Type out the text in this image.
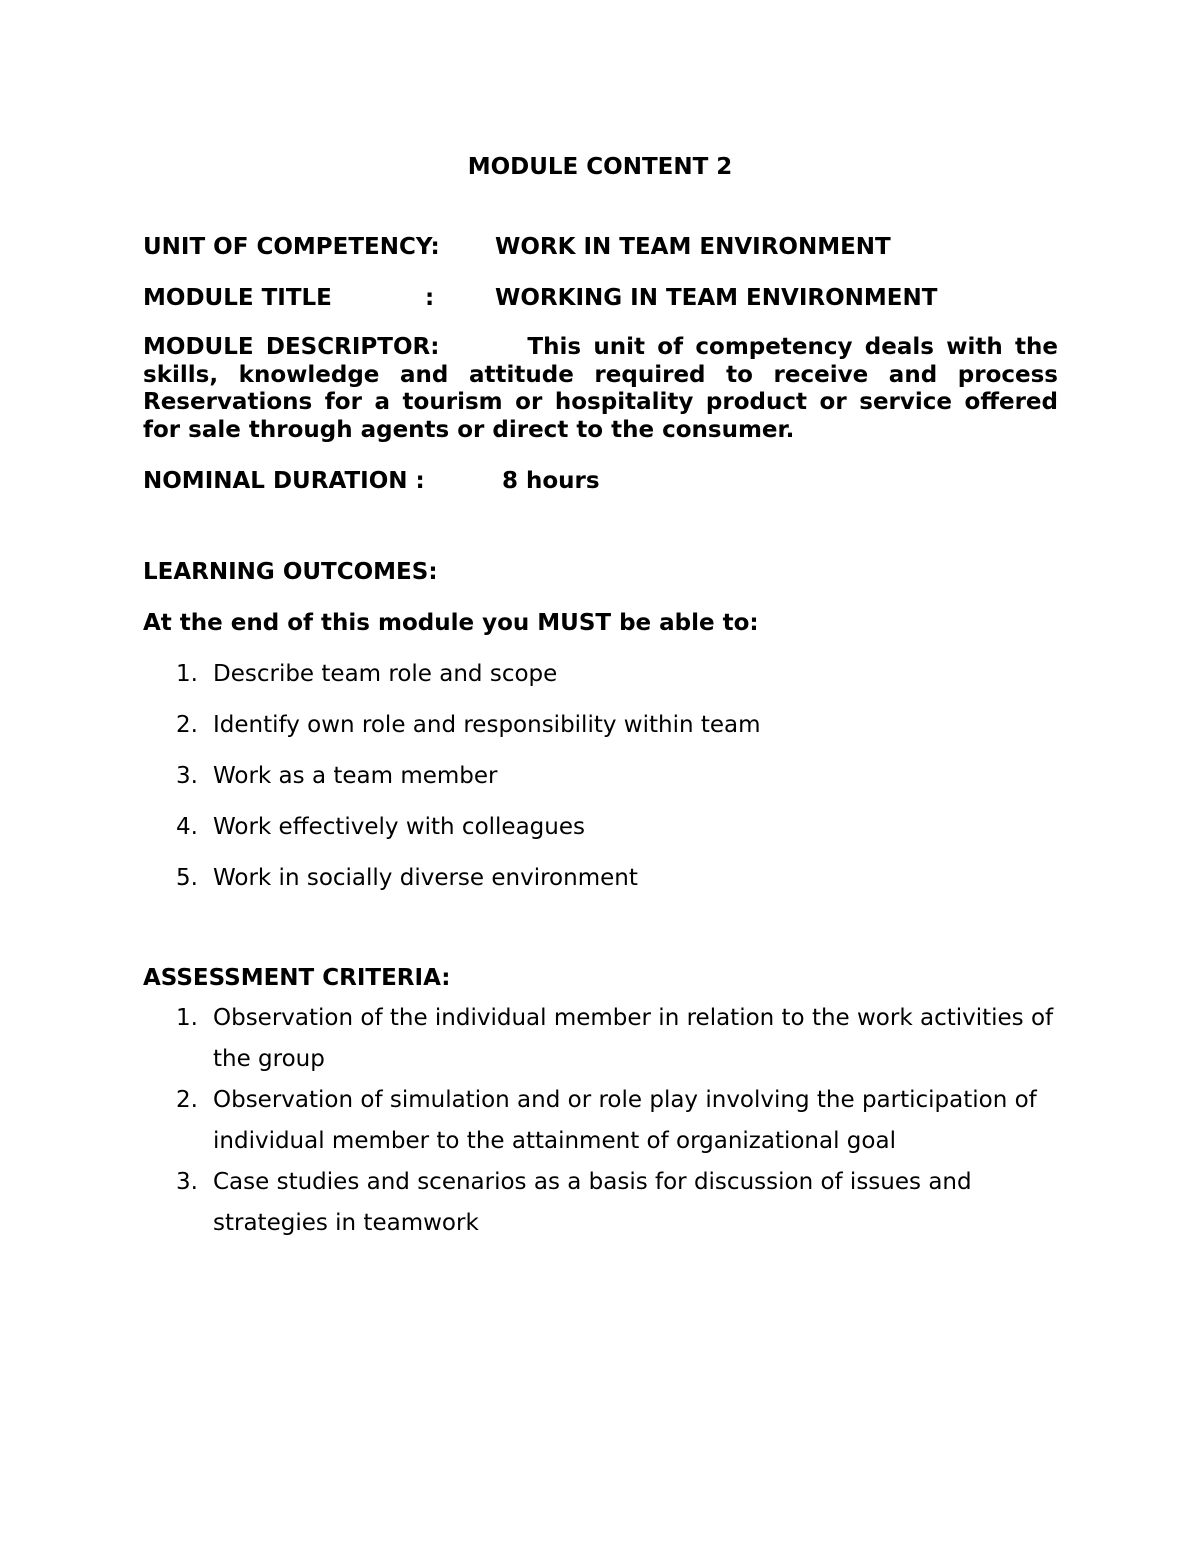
MODULE CONTENT 2
UNIT OF COMPETENCY: WORK IN TEAM ENVIRONMENT
MODULE TITLE	:	WORKING IN TEAM ENVIRONMENT

MODULE DESCRIPTOR:	This unit of competency deals with the skills, knowledge and attitude required to receive and process Reservations for a tourism or hospitality product or service offered for sale through agents or direct to the consumer.

NOMINAL DURATION :	8 hours
LEARNING OUTCOMES:

At the end of this module you MUST be able to:

1. Describe team role and scope
2. Identify own role and responsibility within team
3. Work as a team member
4. Work effectively with colleagues
5. Work in socially diverse environment
ASSESSMENT CRITERIA:
1. Observation of the individual member in relation to the work activities of the group
2. Observation of simulation and or role play involving the participation of individual member to the attainment of organizational goal
3. Case studies and scenarios as a basis for discussion of issues and strategies in teamwork
